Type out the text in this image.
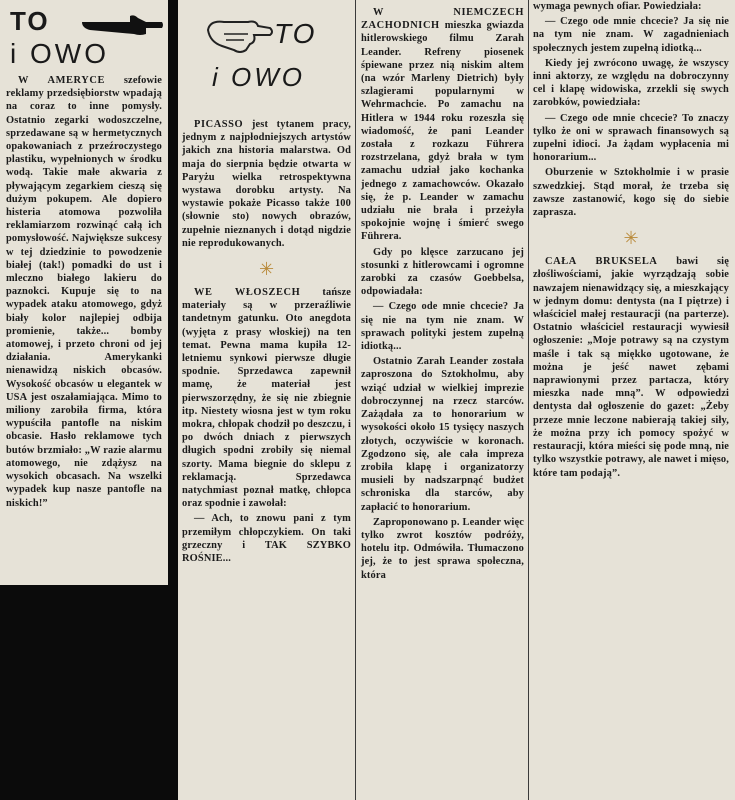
TO
i OWO

W AMERYCE szefowie reklamy przedsiębiorstw wpadają na coraz to inne pomysły. Ostatnio zegarki wodoszczelne, sprzedawane są w hermetycznych opakowaniach z przeźroczystego plastiku, wypełnionych w środku wodą. Takie małe akwaria z pływającym zegarkiem cieszą się dużym pokupem. Ale dopiero histeria atomowa pozwoliła reklamiarzom rozwinąć całą ich pomysłowość. Największe sukcesy w tej dziedzinie to powodzenie białej (tak!) pomadki do ust i mleczno białego lakieru do paznokci. Kupuje się to na wypadek ataku atomowego, gdyż biały kolor najlepiej odbija promienie, także... bomby atomowej, i przeto chroni od jej działania. Amerykanki nienawidzą niskich obcasów. Wysokość obcasów u elegantek w USA jest oszałamiająca. Mimo to miliony zarobiła firma, która wypuściła pantofle na niskim obcasie. Hasło reklamowe tych butów brzmiało: „W razie alarmu atomowego, nie zdążysz na wysokich obcasach. Na wszelki wypadek kup nasze pantofle na niskich!”

TO
i OWO

PICASSO jest tytanem pracy, jednym z najpłodniejszych artystów jakich zna historia malarstwa. Od maja do sierpnia będzie otwarta w Paryżu wielka retrospektywna wystawa dorobku artysty. Na wystawie pokaże Picasso także 100 (słownie sto) nowych obrazów, zupełnie nieznanych i dotąd nigdzie nie reprodukowanych.

✳

WE WŁOSZECH tańsze materiały są w przeraźliwie tandetnym gatunku. Oto anegdota (wyjęta z prasy włoskiej) na ten temat. Pewna mama kupiła 12-letniemu synkowi pierwsze długie spodnie. Sprzedawca zapewnił mamę, że materiał jest pierwszorzędny, że się nie zbiegnie itp. Niestety wiosna jest w tym roku mokra, chłopak chodził po deszczu, i po dwóch dniach z pierwszych długich spodni zrobiły się niemal szorty. Mama biegnie do sklepu z reklamacją. Sprzedawca natychmiast poznał matkę, chłopca oraz spodnie i zawołał:

— Ach, to znowu pani z tym przemiłym chłopczykiem. On taki grzeczny i TAK SZYBKO ROŚNIE...

W NIEMCZECH ZACHODNICH mieszka gwiazda hitlerowskiego filmu Zarah Leander. Refreny piosenek śpiewane przez nią niskim altem (na wzór Marleny Dietrich) były szlagierami popularnymi w Wehrmachcie. Po zamachu na Hitlera w 1944 roku rozeszła się wiadomość, że pani Leander została z rozkazu Führera rozstrzelana, gdyż brała w tym zamachu udział jako kochanka jednego z zamachowców. Okazało się, że p. Leander w zamachu udziału nie brała i przeżyła spokojnie wojnę i śmierć swego Führera.

Gdy po klęsce zarzucano jej stosunki z hitlerowcami i ogromne zarobki za czasów Goebbelsa, odpowiadała:

— Czego ode mnie chcecie? Ja się nie na tym nie znam. W sprawach polityki jestem zupełną idiotką...

Ostatnio Zarah Leander została zaproszona do Sztokholmu, aby wziąć udział w wielkiej imprezie dobroczynnej na rzecz starców. Zażądała za to honorarium w wysokości około 15 tysięcy naszych złotych, oczywiście w koronach. Zgodzono się, ale cała impreza zrobiła klapę i organizatorzy musieli by nadszarpnąć budżet schroniska dla starców, aby zapłacić to honorarium.

Zaproponowano p. Leander więc tylko zwrot kosztów podróży, hotelu itp. Odmówiła. Tłumaczono jej, że to jest sprawa społeczna, która

wymaga pewnych ofiar. Powiedziała:

— Czego ode mnie chcecie? Ja się nie na tym nie znam. W zagadnieniach społecznych jestem zupełną idiotką...

Kiedy jej zwrócono uwagę, że wszyscy inni aktorzy, ze względu na dobroczynny cel i klapę widowiska, zrzekli się swych zarobków, powiedziała:

— Czego ode mnie chcecie? To znaczy tylko że oni w sprawach finansowych są zupełni idioci. Ja żądam wypłacenia mi honorarium...

Oburzenie w Sztokholmie i w prasie szwedzkiej. Stąd morał, że trzeba się zawsze zastanowić, kogo się do siebie zaprasza.

✳

CAŁA BRUKSELA bawi się złośliwościami, jakie wyrządzają sobie nawzajem nienawidzący się, a mieszkający w jednym domu: dentysta (na I piętrze) i właściciel małej restauracji (na parterze). Ostatnio właściciel restauracji wywiesił ogłoszenie: „Moje potrawy są na czystym maśle i tak są miękko ugotowane, że można je jeść nawet zębami naprawionymi przez partacza, który mieszka nade mną”. W odpowiedzi dentysta dał ogłoszenie do gazet: „Żeby przeze mnie leczone nabierają takiej siły, że można przy ich pomocy spożyć w restauracji, która mieści się pode mną, nie tylko wszystkie potrawy, ale nawet i mięso, które tam podają”.
